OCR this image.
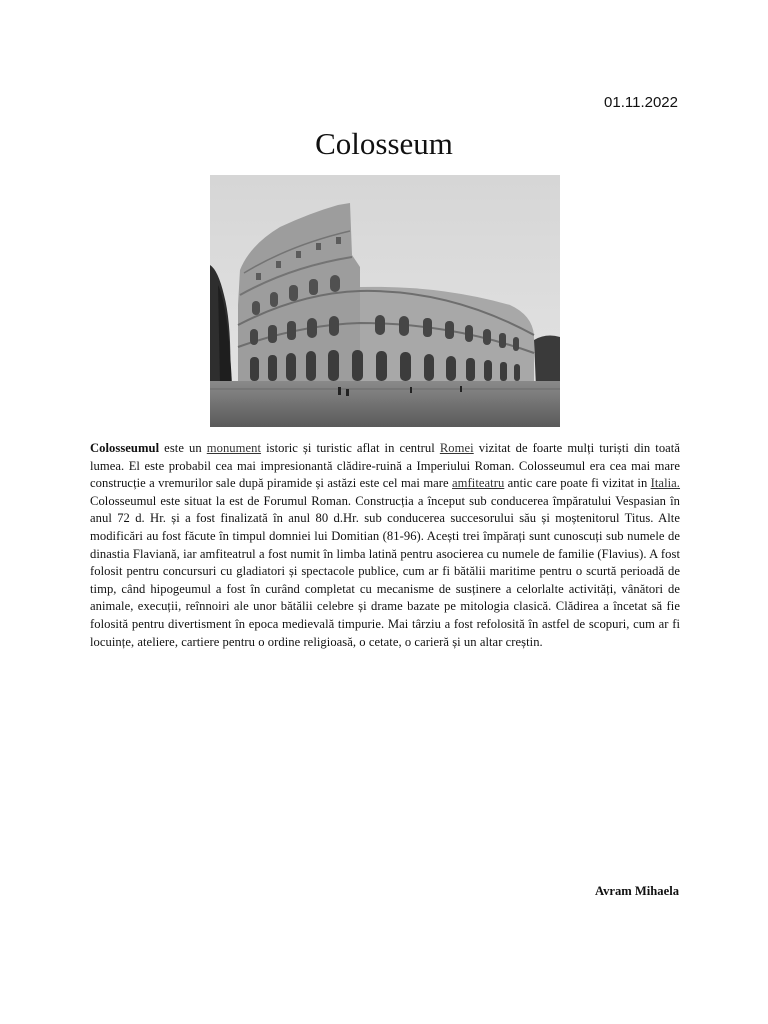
01.11.2022
Colosseum

Colosseumul este un monument istoric și turistic aflat in centrul Romei vizitat de foarte mulți turiști din toată lumea. El este probabil cea mai impresionantă clădire-ruină a Imperiului Roman. Colosseumul era cea mai mare construcție a vremurilor sale după piramide și astăzi este cel mai mare amfiteatru antic care poate fi vizitat in Italia. Colosseumul este situat la est de Forumul Roman. Construcția a început sub conducerea împăratului Vespasian în anul 72 d. Hr. și a fost finalizată în anul 80 d.Hr. sub conducerea succesorului său și moștenitorul Titus. Alte modificări au fost făcute în timpul domniei lui Domitian (81-96). Acești trei împărați sunt cunoscuți sub numele de dinastia Flaviană, iar amfiteatrul a fost numit în limba latină pentru asocierea cu numele de familie (Flavius). A fost folosit pentru concursuri cu gladiatori și spectacole publice, cum ar fi bătălii maritime pentru o scurtă perioadă de timp, când hipogeumul a fost în curând completat cu mecanisme de susținere a celorlalte activități, vânători de animale, execuții, reînnoiri ale unor bătălii celebre și drame bazate pe mitologia clasică. Clădirea a încetat să fie folosită pentru divertisment în epoca medievală timpurie. Mai târziu a fost refolosită în astfel de scopuri, cum ar fi locuințe, ateliere, cartiere pentru o ordine religioasă, o cetate, o carieră și un altar creștin.

Avram Mihaela
